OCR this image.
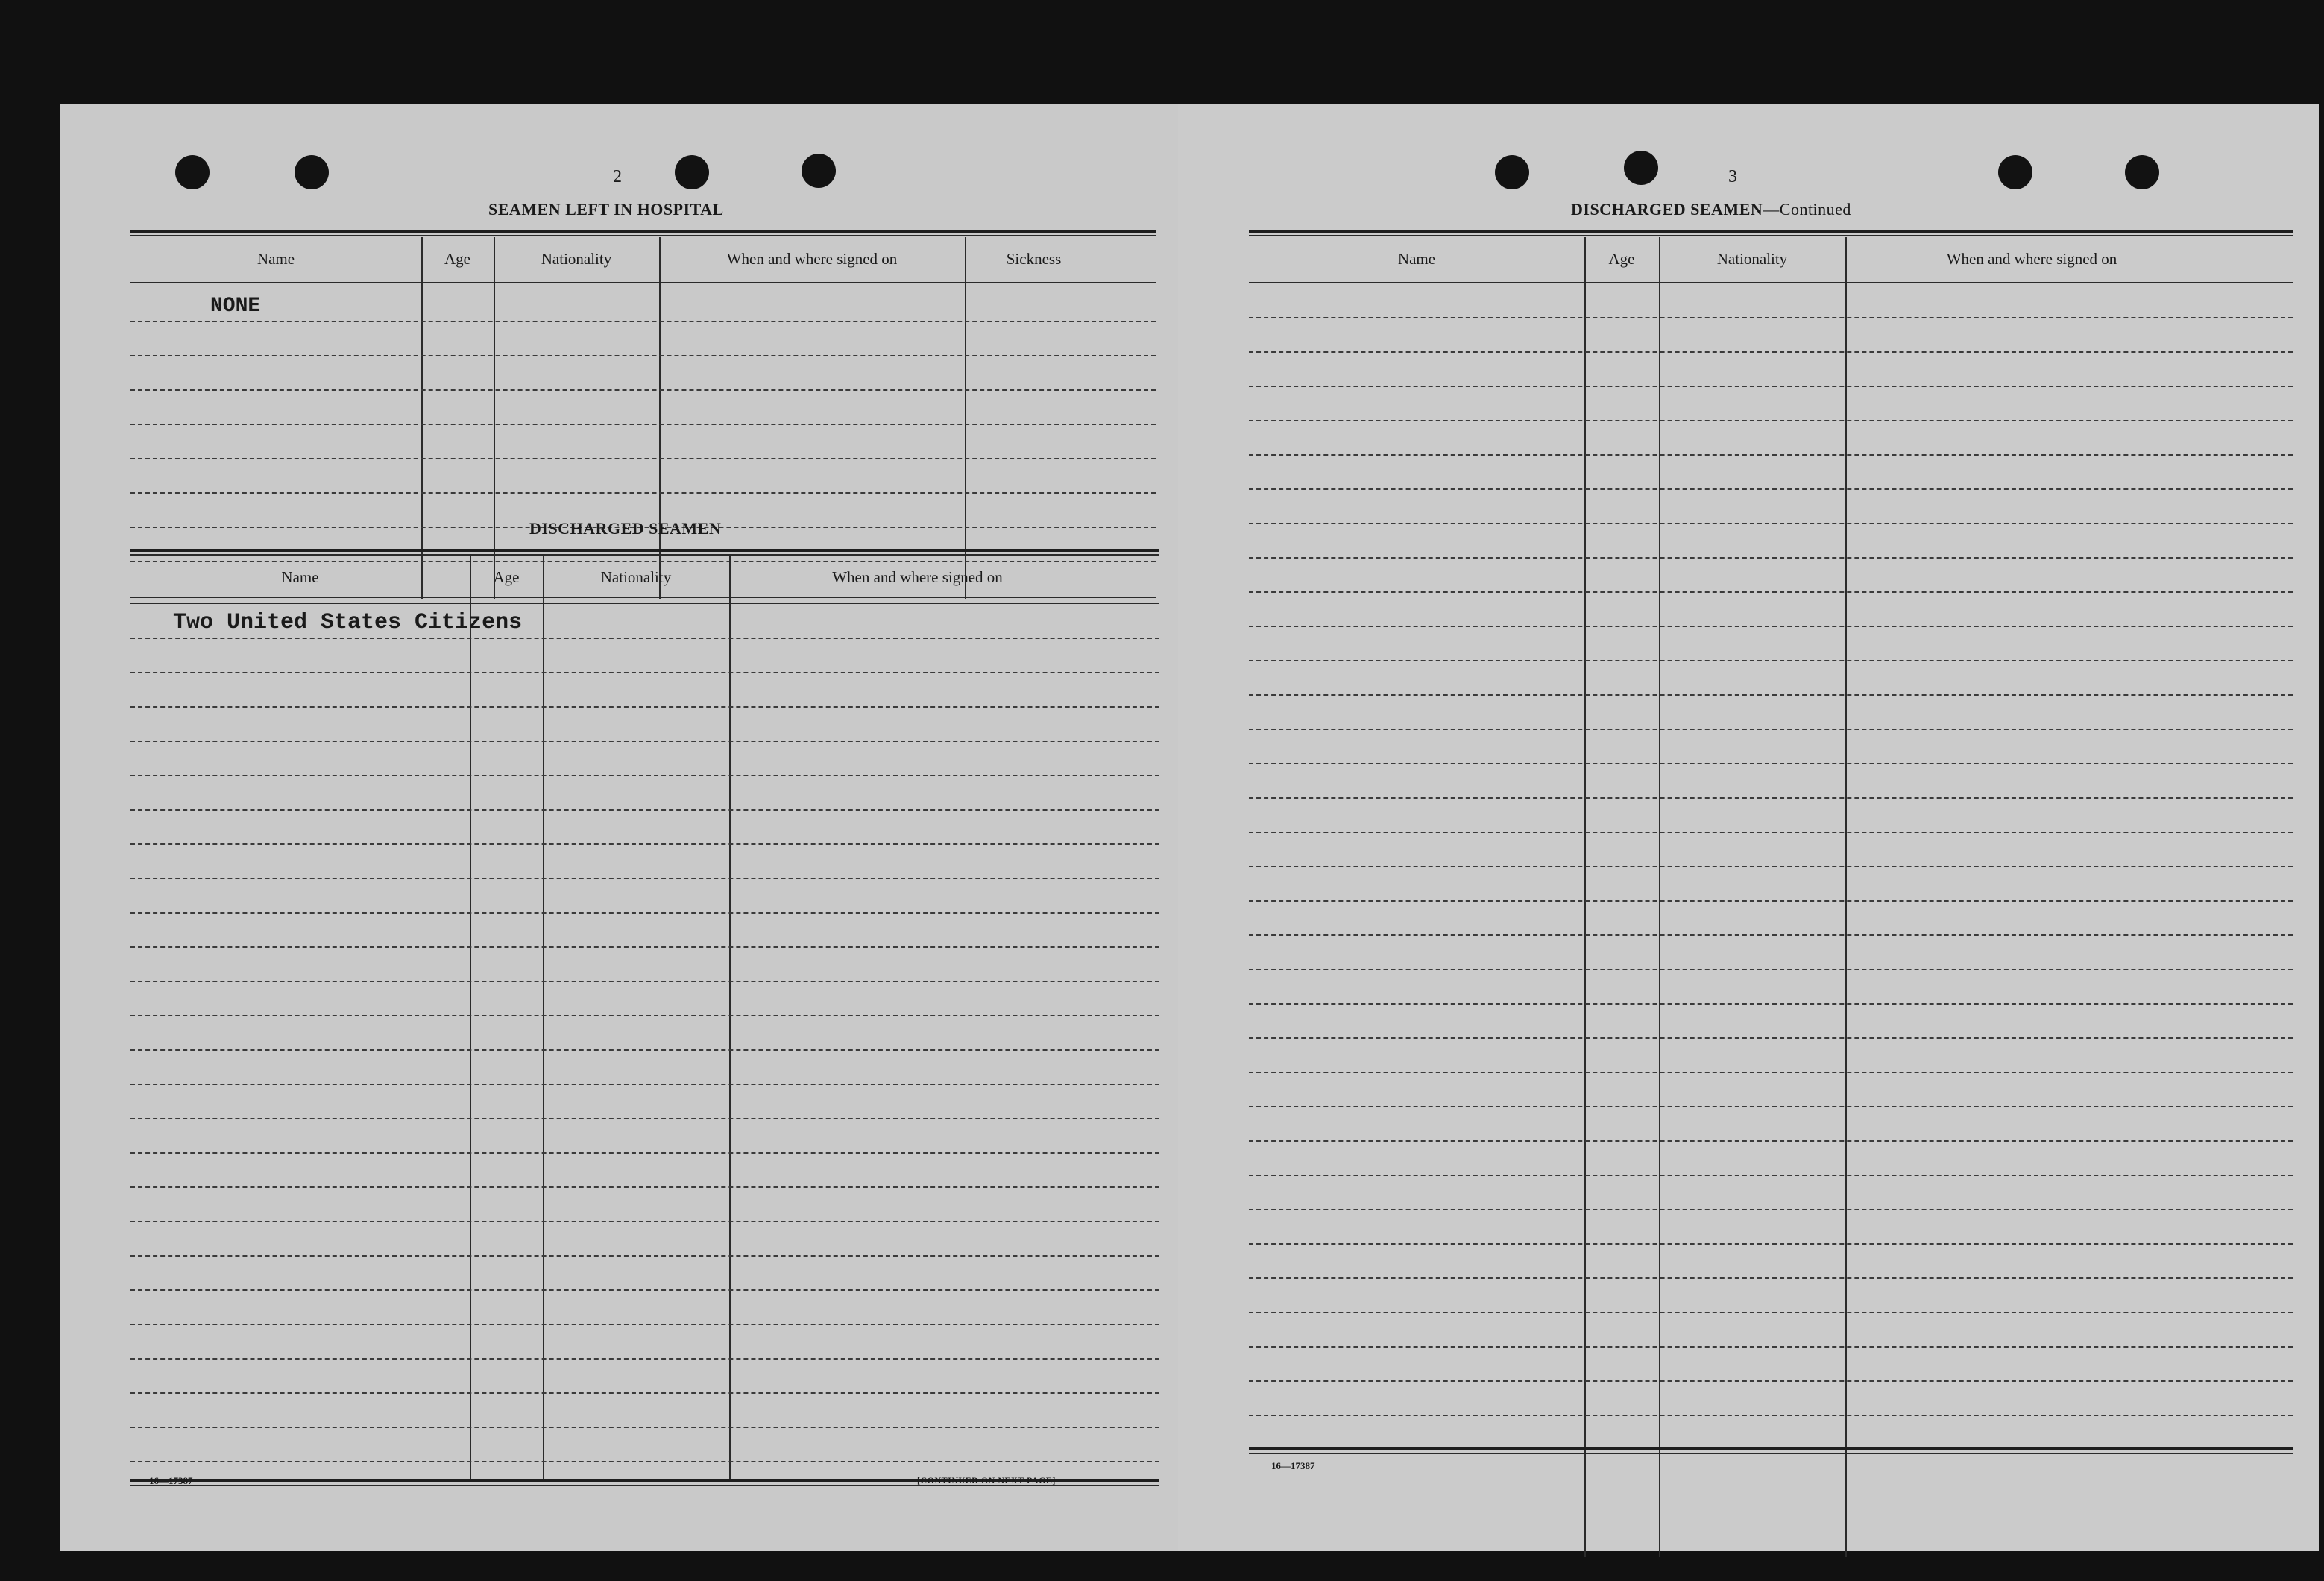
2
SEAMEN LEFT IN HOSPITAL
Name	Age	Nationality	When and where signed on	Sickness
NONE
DISCHARGED SEAMEN
Name	Age	Nationality	When and where signed on
Two United States Citizens
16—17387	[CONTINUED ON NEXT PAGE]
3
DISCHARGED SEAMEN—Continued
Name	Age	Nationality	When and where signed on
16—17387
